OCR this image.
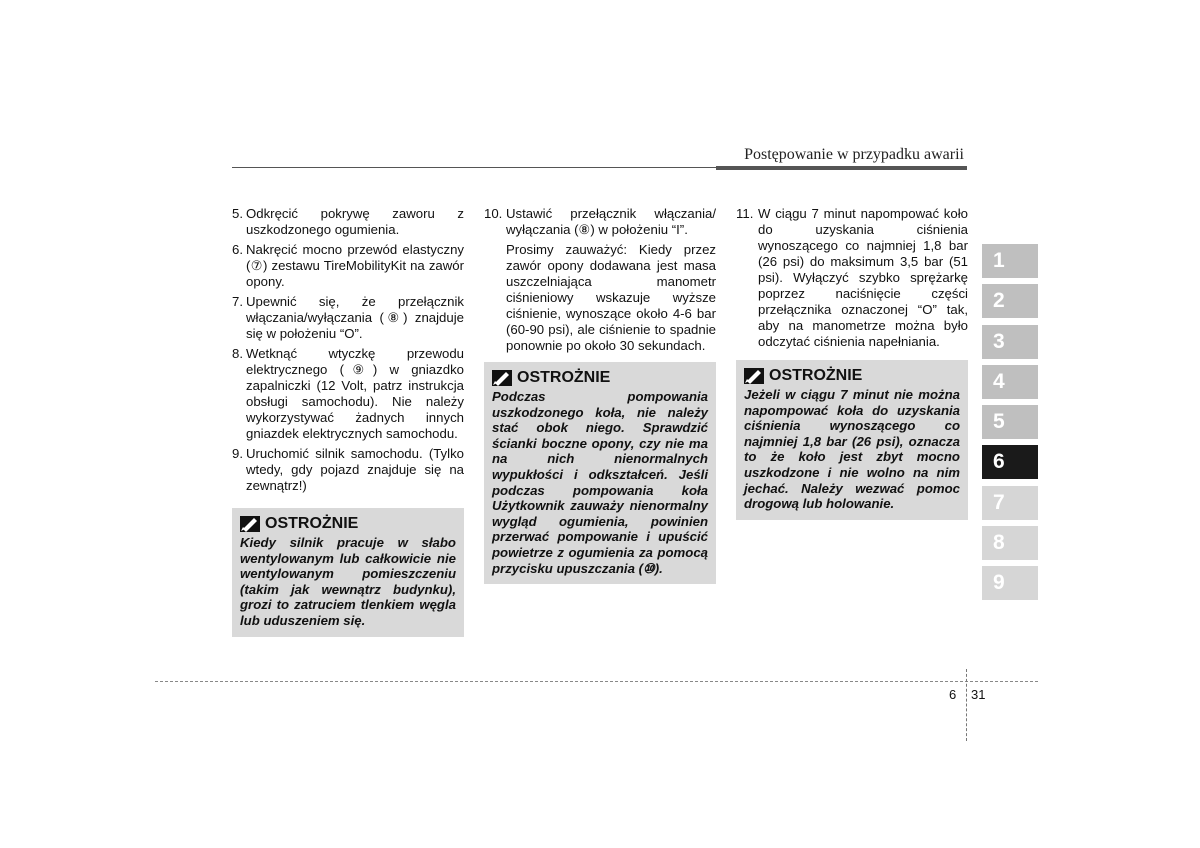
Postępowanie w przypadku awarii
5. Odkręcić pokrywę zaworu z uszkodzonego ogumienia.
6. Nakręcić mocno przewód elastyczny (⑦) zestawu TireMobilityKit na zawór opony.
7. Upewnić się, że przełącznik włączania/wyłączania (⑧) znajduje się w położeniu “O”.
8. Wetknąć wtyczkę przewodu elektrycznego (⑨) w gniazdko zapalniczki (12 Volt, patrz instrukcja obsługi samochodu). Nie należy wykorzystywać żadnych innych gniazdek elektrycznych samochodu.
9. Uruchomić silnik samochodu. (Tylko wtedy, gdy pojazd znajduje się na zewnątrz!)
OSTROŻNIE
Kiedy silnik pracuje w słabo wentylowanym lub całkowicie nie wentylowanym pomieszczeniu (takim jak wewnątrz budynku), grozi to zatruciem tlenkiem węgla lub uduszeniem się.
10. Ustawić przełącznik włączania/ wyłączania (⑧) w położeniu “I”.
Prosimy zauważyć: Kiedy przez zawór opony dodawana jest masa uszczelniająca manometr ciśnieniowy wskazuje wyższe ciśnienie, wynoszące około 4-6 bar (60-90 psi), ale ciśnienie to spadnie ponownie po około 30 sekundach.
OSTROŻNIE
Podczas pompowania uszkodzonego koła, nie należy stać obok niego. Sprawdzić ścianki boczne opony, czy nie ma na nich nienormalnych wypukłości i odkształceń. Jeśli podczas pompowania koła Użytkownik zauważy nienormalny wygląd ogumienia, powinien przerwać pompowanie i upuścić powietrze z ogumienia za pomocą przycisku upuszczania (⑩).
11. W ciągu 7 minut napompować koło do uzyskania ciśnienia wynoszącego co najmniej 1,8 bar (26 psi) do maksimum 3,5 bar (51 psi). Wyłączyć szybko sprężarkę poprzez naciśnięcie części przełącznika oznaczonej “O” tak, aby na manometrze można było odczytać ciśnienia napełniania.
OSTROŻNIE
Jeżeli w ciągu 7 minut nie można napompować koła do uzyskania ciśnienia wynoszącego co najmniej 1,8 bar (26 psi), oznacza to że koło jest zbyt mocno uszkodzone i nie wolno na nim jechać. Należy wezwać pomoc drogową lub holowanie.
1
2
3
4
5
6
7
8
9
6 31
